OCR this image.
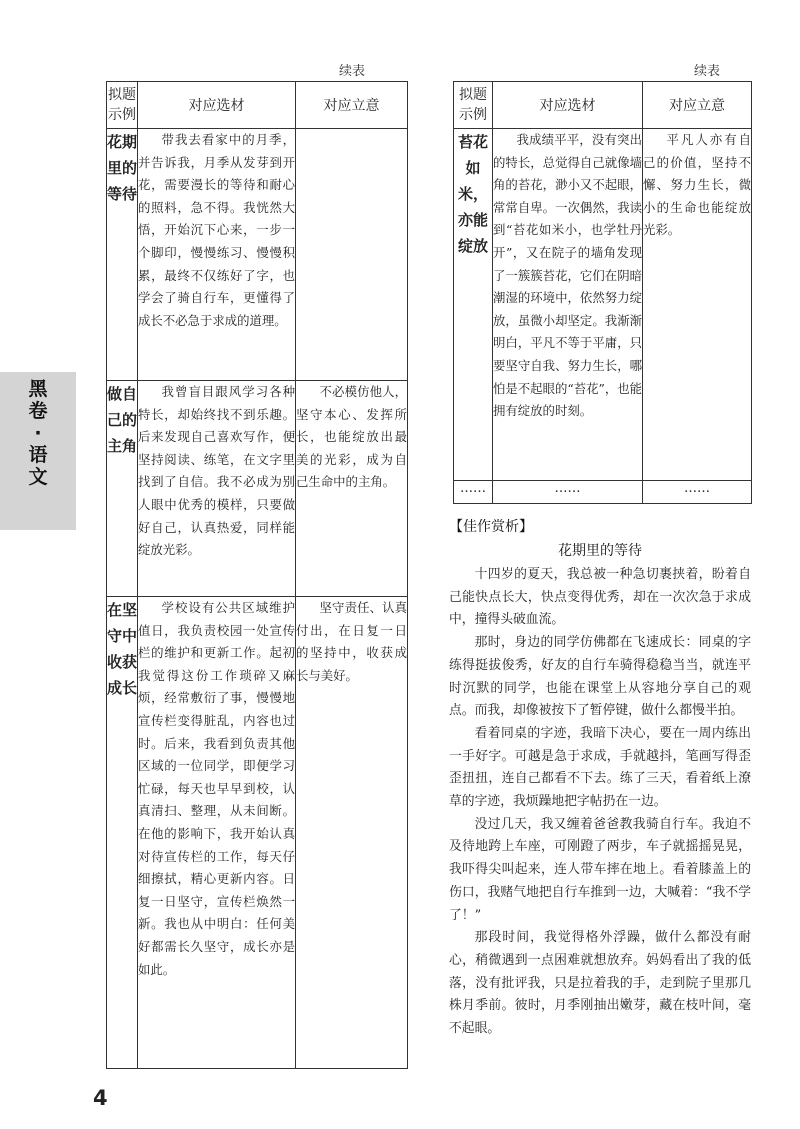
续表	续表
拟题示例	对应选材	对应立意
花期里的等待	带我去看家中的月季，并告诉我，月季从发芽到开花，需要漫长的等待和耐心的照料，急不得。我恍然大悟，开始沉下心来，一步一个脚印，慢慢练习、慢慢积累，最终不仅练好了字，也学会了骑自行车，更懂得了成长不必急于求成的道理。	
做自己的主角	我曾盲目跟风学习各种特长，却始终找不到乐趣。后来发现自己喜欢写作，便坚持阅读、练笔，在文字里找到了自信。我不必成为别人眼中优秀的模样，只要做好自己，认真热爱，同样能绽放光彩。	不必模仿他人，坚守本心、发挥所长，也能绽放出最美的光彩，成为自己生命中的主角。
在坚守中收获成长	学校设有公共区域维护值日，我负责校园一处宣传栏的维护和更新工作。起初我觉得这份工作琐碎又麻烦，经常敷衍了事，慢慢地宣传栏变得脏乱，内容也过时。后来，我看到负责其他区域的一位同学，即便学习忙碌，每天也早早到校，认真清扫、整理，从未间断。在他的影响下，我开始认真对待宣传栏的工作，每天仔细擦拭，精心更新内容。日复一日坚守，宣传栏焕然一新。我也从中明白：任何美好都需长久坚守，成长亦是如此。	坚守责任、认真付出，在日复一日的坚持中，收获成长与美好。
拟题示例	对应选材	对应立意
苔花如米，亦能绽放	我成绩平平，没有突出的特长，总觉得自己就像墙角的苔花，渺小又不起眼，常常自卑。一次偶然，我读到“苔花如米小，也学牡丹开”，又在院子的墙角发现了一簇簇苔花，它们在阴暗潮湿的环境中，依然努力绽放，虽微小却坚定。我渐渐明白，平凡不等于平庸，只要坚守自我、努力生长，哪怕是不起眼的“苔花”，也能拥有绽放的时刻。	平凡人亦有自己的价值，坚持不懈、努力生长，微小的生命也能绽放光彩。
……	……	……
黑卷
·
语文
【佳作赏析】
花期里的等待

十四岁的夏天，我总被一种急切裹挟着，盼着自己能快点长大，快点变得优秀，却在一次次急于求成中，撞得头破血流。

那时，身边的同学仿佛都在飞速成长：同桌的字练得挺拔俊秀，好友的自行车骑得稳稳当当，就连平时沉默的同学，也能在课堂上从容地分享自己的观点。而我，却像被按下了暂停键，做什么都慢半拍。

看着同桌的字迹，我暗下决心，要在一周内练出一手好字。可越是急于求成，手就越抖，笔画写得歪歪扭扭，连自己都看不下去。练了三天，看着纸上潦草的字迹，我烦躁地把字帖扔在一边。

没过几天，我又缠着爸爸教我骑自行车。我迫不及待地跨上车座，可刚蹬了两步，车子就摇摇晃晃，我吓得尖叫起来，连人带车摔在地上。看着膝盖上的伤口，我赌气地把自行车推到一边，大喊着：“我不学了！”

那段时间，我觉得格外浮躁，做什么都没有耐心，稍微遇到一点困难就想放弃。妈妈看出了我的低落，没有批评我，只是拉着我的手，走到院子里那几株月季前。彼时，月季刚抽出嫩芽，藏在枝叶间，毫不起眼。

4
